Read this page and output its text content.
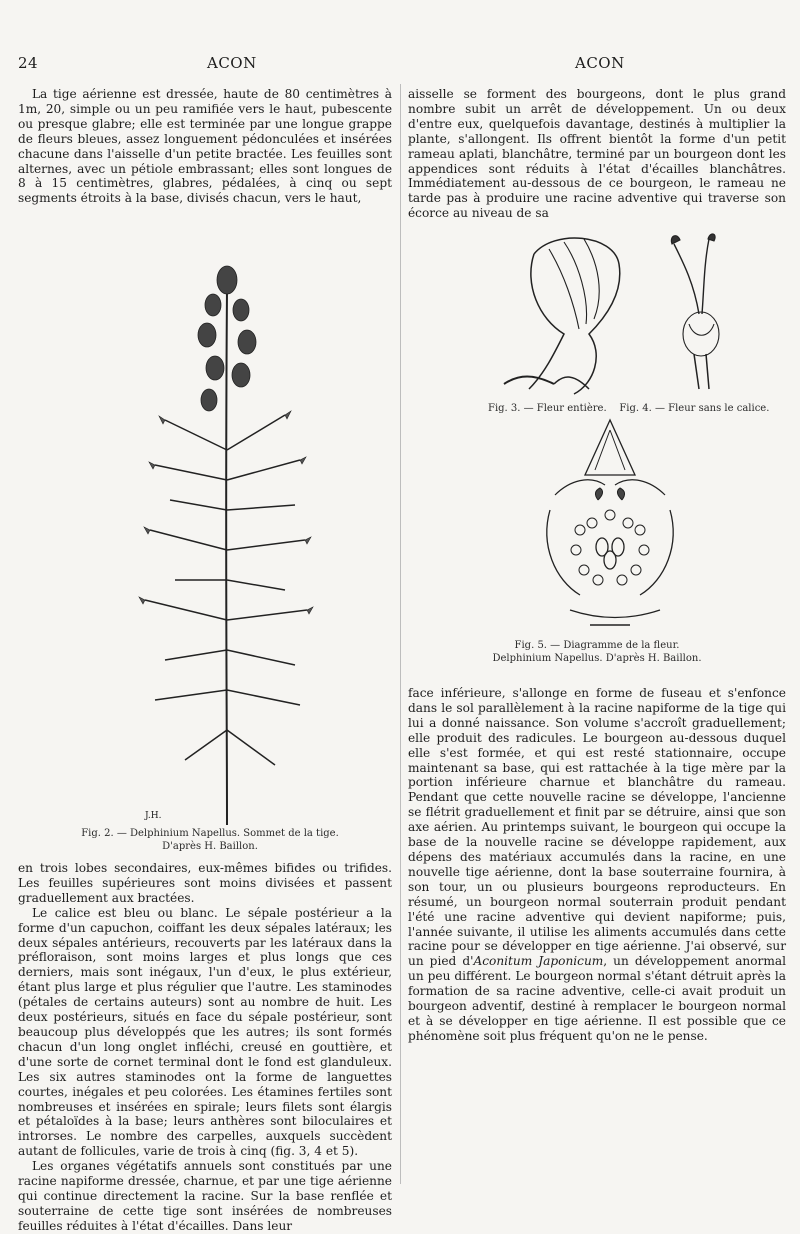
24	ACON	ACON

La tige aérienne est dressée, haute de 80 centimètres à 1m, 20, simple ou un peu ramifiée vers le haut, pubescente ou presque glabre; elle est terminée par une longue grappe de fleurs bleues, assez longuement pédonculées et insérées chacune dans l'aisselle d'un petite bractée. Les feuilles sont alternes, avec un pétiole embrassant; elles sont longues de 8 à 15 centimètres, glabres, pédalées, à cinq ou sept segments étroits à la base, divisés chacun, vers le haut,

J.H.
Fig. 2. — Delphinium Napellus. Sommet de la tige.
D'après H. Baillon.

en trois lobes secondaires, eux-mêmes bifides ou trifides. Les feuilles supérieures sont moins divisées et passent graduellement aux bractées.

Le calice est bleu ou blanc. Le sépale postérieur a la forme d'un capuchon, coiffant les deux sépales latéraux; les deux sépales antérieurs, recouverts par les latéraux dans la préfloraison, sont moins larges et plus longs que ces derniers, mais sont inégaux, l'un d'eux, le plus extérieur, étant plus large et plus régulier que l'autre. Les staminodes (pétales de certains auteurs) sont au nombre de huit. Les deux postérieurs, situés en face du sépale postérieur, sont beaucoup plus développés que les autres; ils sont formés chacun d'un long onglet infléchi, creusé en gouttière, et d'une sorte de cornet terminal dont le fond est glanduleux. Les six autres staminodes ont la forme de languettes courtes, inégales et peu colorées. Les étamines fertiles sont nombreuses et insérées en spirale; leurs filets sont élargis et pétaloïdes à la base; leurs anthères sont biloculaires et introrses. Le nombre des carpelles, auxquels succèdent autant de follicules, varie de trois à cinq (fig. 3, 4 et 5).

Les organes végétatifs annuels sont constitués par une racine napiforme dressée, charnue, et par une tige aérienne qui continue directement la racine. Sur la base renflée et souterraine de cette tige sont insérées de nombreuses feuilles réduites à l'état d'écailles. Dans leur

aisselle se forment des bourgeons, dont le plus grand nombre subit un arrêt de développement. Un ou deux d'entre eux, quelquefois davantage, destinés à multiplier la plante, s'allongent. Ils offrent bientôt la forme d'un petit rameau aplati, blanchâtre, terminé par un bourgeon dont les appendices sont réduits à l'état d'écailles blanchâtres. Immédiatement au-dessous de ce bourgeon, le rameau ne tarde pas à produire une racine adventive qui traverse son écorce au niveau de sa

Fig. 3. — Fleur entière. Fig. 4. — Fleur sans le calice.
Fig. 5. — Diagramme de la fleur.
Delphinium Napellus. D'après H. Baillon.

face inférieure, s'allonge en forme de fuseau et s'enfonce dans le sol parallèlement à la racine napiforme de la tige qui lui a donné naissance. Son volume s'accroît graduellement; elle produit des radicules. Le bourgeon au-dessous duquel elle s'est formée, et qui est resté stationnaire, occupe maintenant sa base, qui est rattachée à la tige mère par la portion inférieure charnue et blanchâtre du rameau. Pendant que cette nouvelle racine se développe, l'ancienne se flétrit graduellement et finit par se détruire, ainsi que son axe aérien. Au printemps suivant, le bourgeon qui occupe la base de la nouvelle racine se développe rapidement, aux dépens des matériaux accumulés dans la racine, en une nouvelle tige aérienne, dont la base souterraine fournira, à son tour, un ou plusieurs bourgeons reproducteurs. En résumé, un bourgeon normal souterrain produit pendant l'été une racine adventive qui devient napiforme; puis, l'année suivante, il utilise les aliments accumulés dans cette racine pour se développer en tige aérienne. J'ai observé, sur un pied d'Aconitum Japonicum, un développement anormal un peu différent. Le bourgeon normal s'étant détruit après la formation de sa racine adventive, celle-ci avait produit un bourgeon adventif, destiné à remplacer le bourgeon normal et à se développer en tige aérienne. Il est possible que ce phénomène soit plus fréquent qu'on ne le pense.
